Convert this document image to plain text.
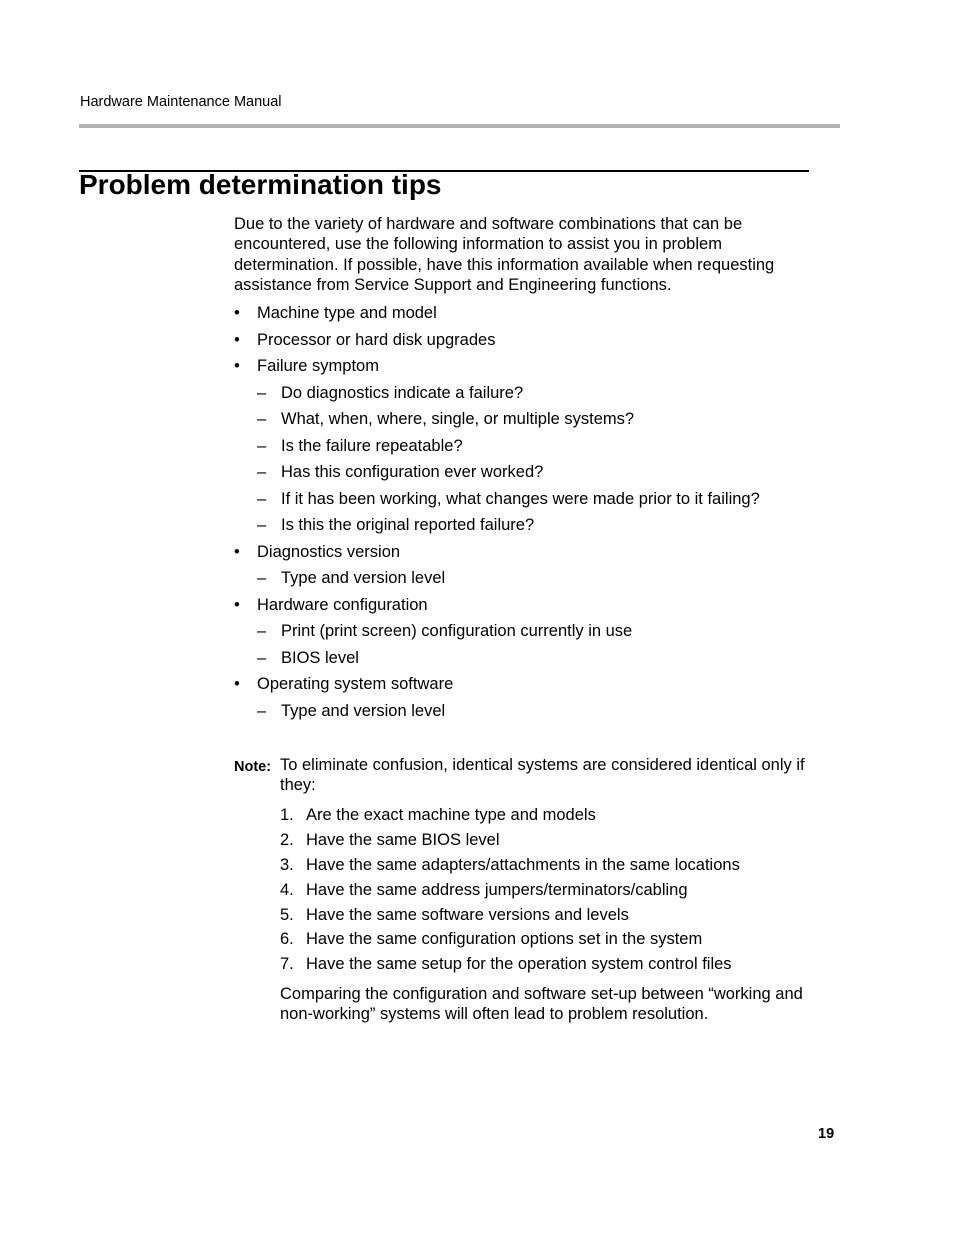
Hardware Maintenance Manual
Problem determination tips

Due to the variety of hardware and software combinations that can be encountered, use the following information to assist you in problem determination. If possible, have this information available when requesting assistance from Service Support and Engineering functions.

• Machine type and model
• Processor or hard disk upgrades
• Failure symptom
– Do diagnostics indicate a failure?
– What, when, where, single, or multiple systems?
– Is the failure repeatable?
– Has this configuration ever worked?
– If it has been working, what changes were made prior to it failing?
– Is this the original reported failure?
• Diagnostics version
– Type and version level
• Hardware configuration
– Print (print screen) configuration currently in use
– BIOS level
• Operating system software
– Type and version level
Note: To eliminate confusion, identical systems are considered identical only if they:

1. Are the exact machine type and models
2. Have the same BIOS level
3. Have the same adapters/attachments in the same locations
4. Have the same address jumpers/terminators/cabling
5. Have the same software versions and levels
6. Have the same configuration options set in the system
7. Have the same setup for the operation system control files

Comparing the configuration and software set-up between “working and non-working” systems will often lead to problem resolution.

19
